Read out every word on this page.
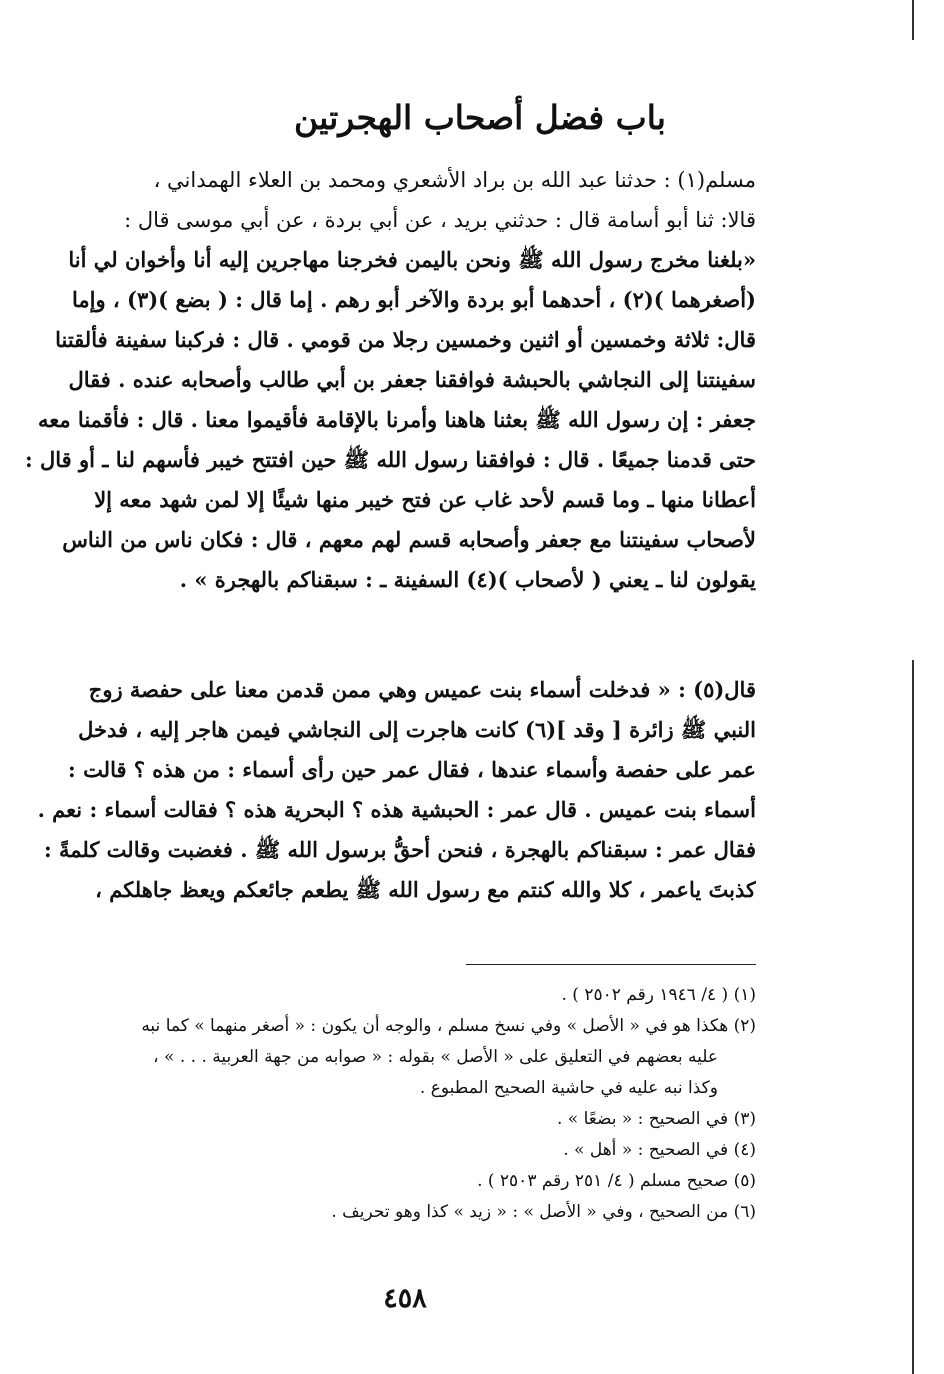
باب فضل أصحاب الهجرتين
مسلم(١) : حدثنا عبد الله بن براد الأشعري ومحمد بن العلاء الهمداني ،
قالا: ثنا أبو أسامة قال : حدثني بريد ، عن أبي بردة ، عن أبي موسى قال :
«بلغنا مخرج رسول الله ﷺ ونحن باليمن فخرجنا مهاجرين إليه أنا وأخوان لي أنا
(أصغرهما )(٢) ، أحدهما أبو بردة والآخر أبو رهم . إما قال : ( بضع )(٣) ، وإما
قال: ثلاثة وخمسين أو اثنين وخمسين رجلا من قومي . قال : فركبنا سفينة فألقتنا
سفينتنا إلى النجاشي بالحبشة فوافقنا جعفر بن أبي طالب وأصحابه عنده . فقال
جعفر : إن رسول الله ﷺ بعثنا هاهنا وأمرنا بالإقامة فأقيموا معنا . قال : فأقمنا معه
حتى قدمنا جميعًا . قال : فوافقنا رسول الله ﷺ حين افتتح خيبر فأسهم لنا ـ أو قال :
أعطانا منها ـ وما قسم لأحد غاب عن فتح خيبر منها شيئًا إلا لمن شهد معه إلا
لأصحاب سفينتنا مع جعفر وأصحابه قسم لهم معهم ، قال : فكان ناس من الناس
يقولون لنا ـ يعني ( لأصحاب )(٤) السفينة ـ : سبقناكم بالهجرة » .
قال(٥) : « فدخلت أسماء بنت عميس وهي ممن قدمن معنا على حفصة زوج
النبي ﷺ زائرة [ وقد ](٦) كانت هاجرت إلى النجاشي فيمن هاجر إليه ، فدخل
عمر على حفصة وأسماء عندها ، فقال عمر حين رأى أسماء : من هذه ؟ قالت :
أسماء بنت عميس . قال عمر : الحبشية هذه ؟ البحرية هذه ؟ فقالت أسماء : نعم .
فقال عمر : سبقناكم بالهجرة ، فنحن أحقُّ برسول الله ﷺ . فغضبت وقالت كلمةً :
كذبتَ ياعمر ، كلا والله كنتم مع رسول الله ﷺ يطعم جائعكم ويعظ جاهلكم ،
(١) ( ٤/ ١٩٤٦ رقم ٢٥٠٢ ) .
(٢) هكذا هو في « الأصل » وفي نسخ مسلم ، والوجه أن يكون : « أصغر منهما » كما نبه
عليه بعضهم في التعليق على « الأصل » بقوله : « صوابه من جهة العربية . . . » ،
وكذا نبه عليه في حاشية الصحيح المطبوع .
(٣) في الصحيح : « بضعًا » .
(٤) في الصحيح : « أهل » .
(٥) صحيح مسلم ( ٤/ ٢٥١ رقم ٢٥٠٣ ) .
(٦) من الصحيح ، وفي « الأصل » : « زيد » كذا وهو تحريف .
٤٥٨
